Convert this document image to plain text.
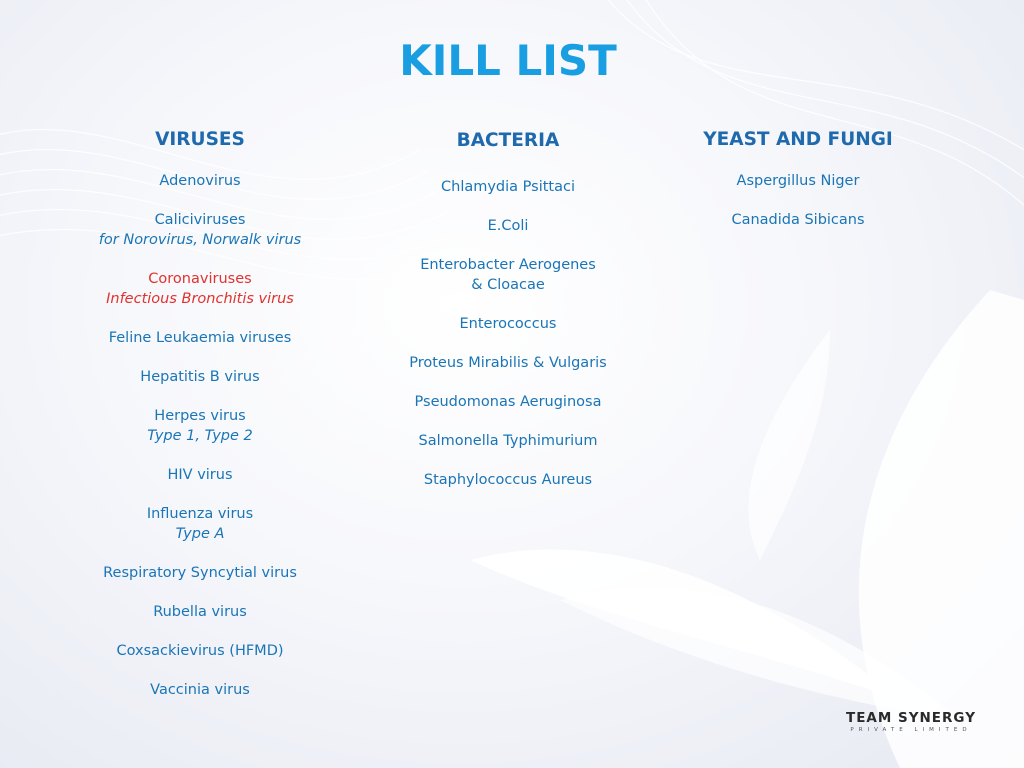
KILL LIST
VIRUSES
Adenovirus
Caliciviruses
for Norovirus, Norwalk virus
Coronaviruses
Infectious Bronchitis virus
Feline Leukaemia viruses
Hepatitis B virus
Herpes virus
Type 1, Type 2
HIV virus
Influenza virus
Type A
Respiratory Syncytial virus
Rubella virus
Coxsackievirus (HFMD)
Vaccinia virus
BACTERIA
Chlamydia Psittaci
E.Coli
Enterobacter Aerogenes
& Cloacae
Enterococcus
Proteus Mirabilis & Vulgaris
Pseudomonas Aeruginosa
Salmonella Typhimurium
Staphylococcus Aureus
YEAST AND FUNGI
Aspergillus Niger
Canadida Sibicans
TEAM SYNERGY
PRIVATE LIMITED
